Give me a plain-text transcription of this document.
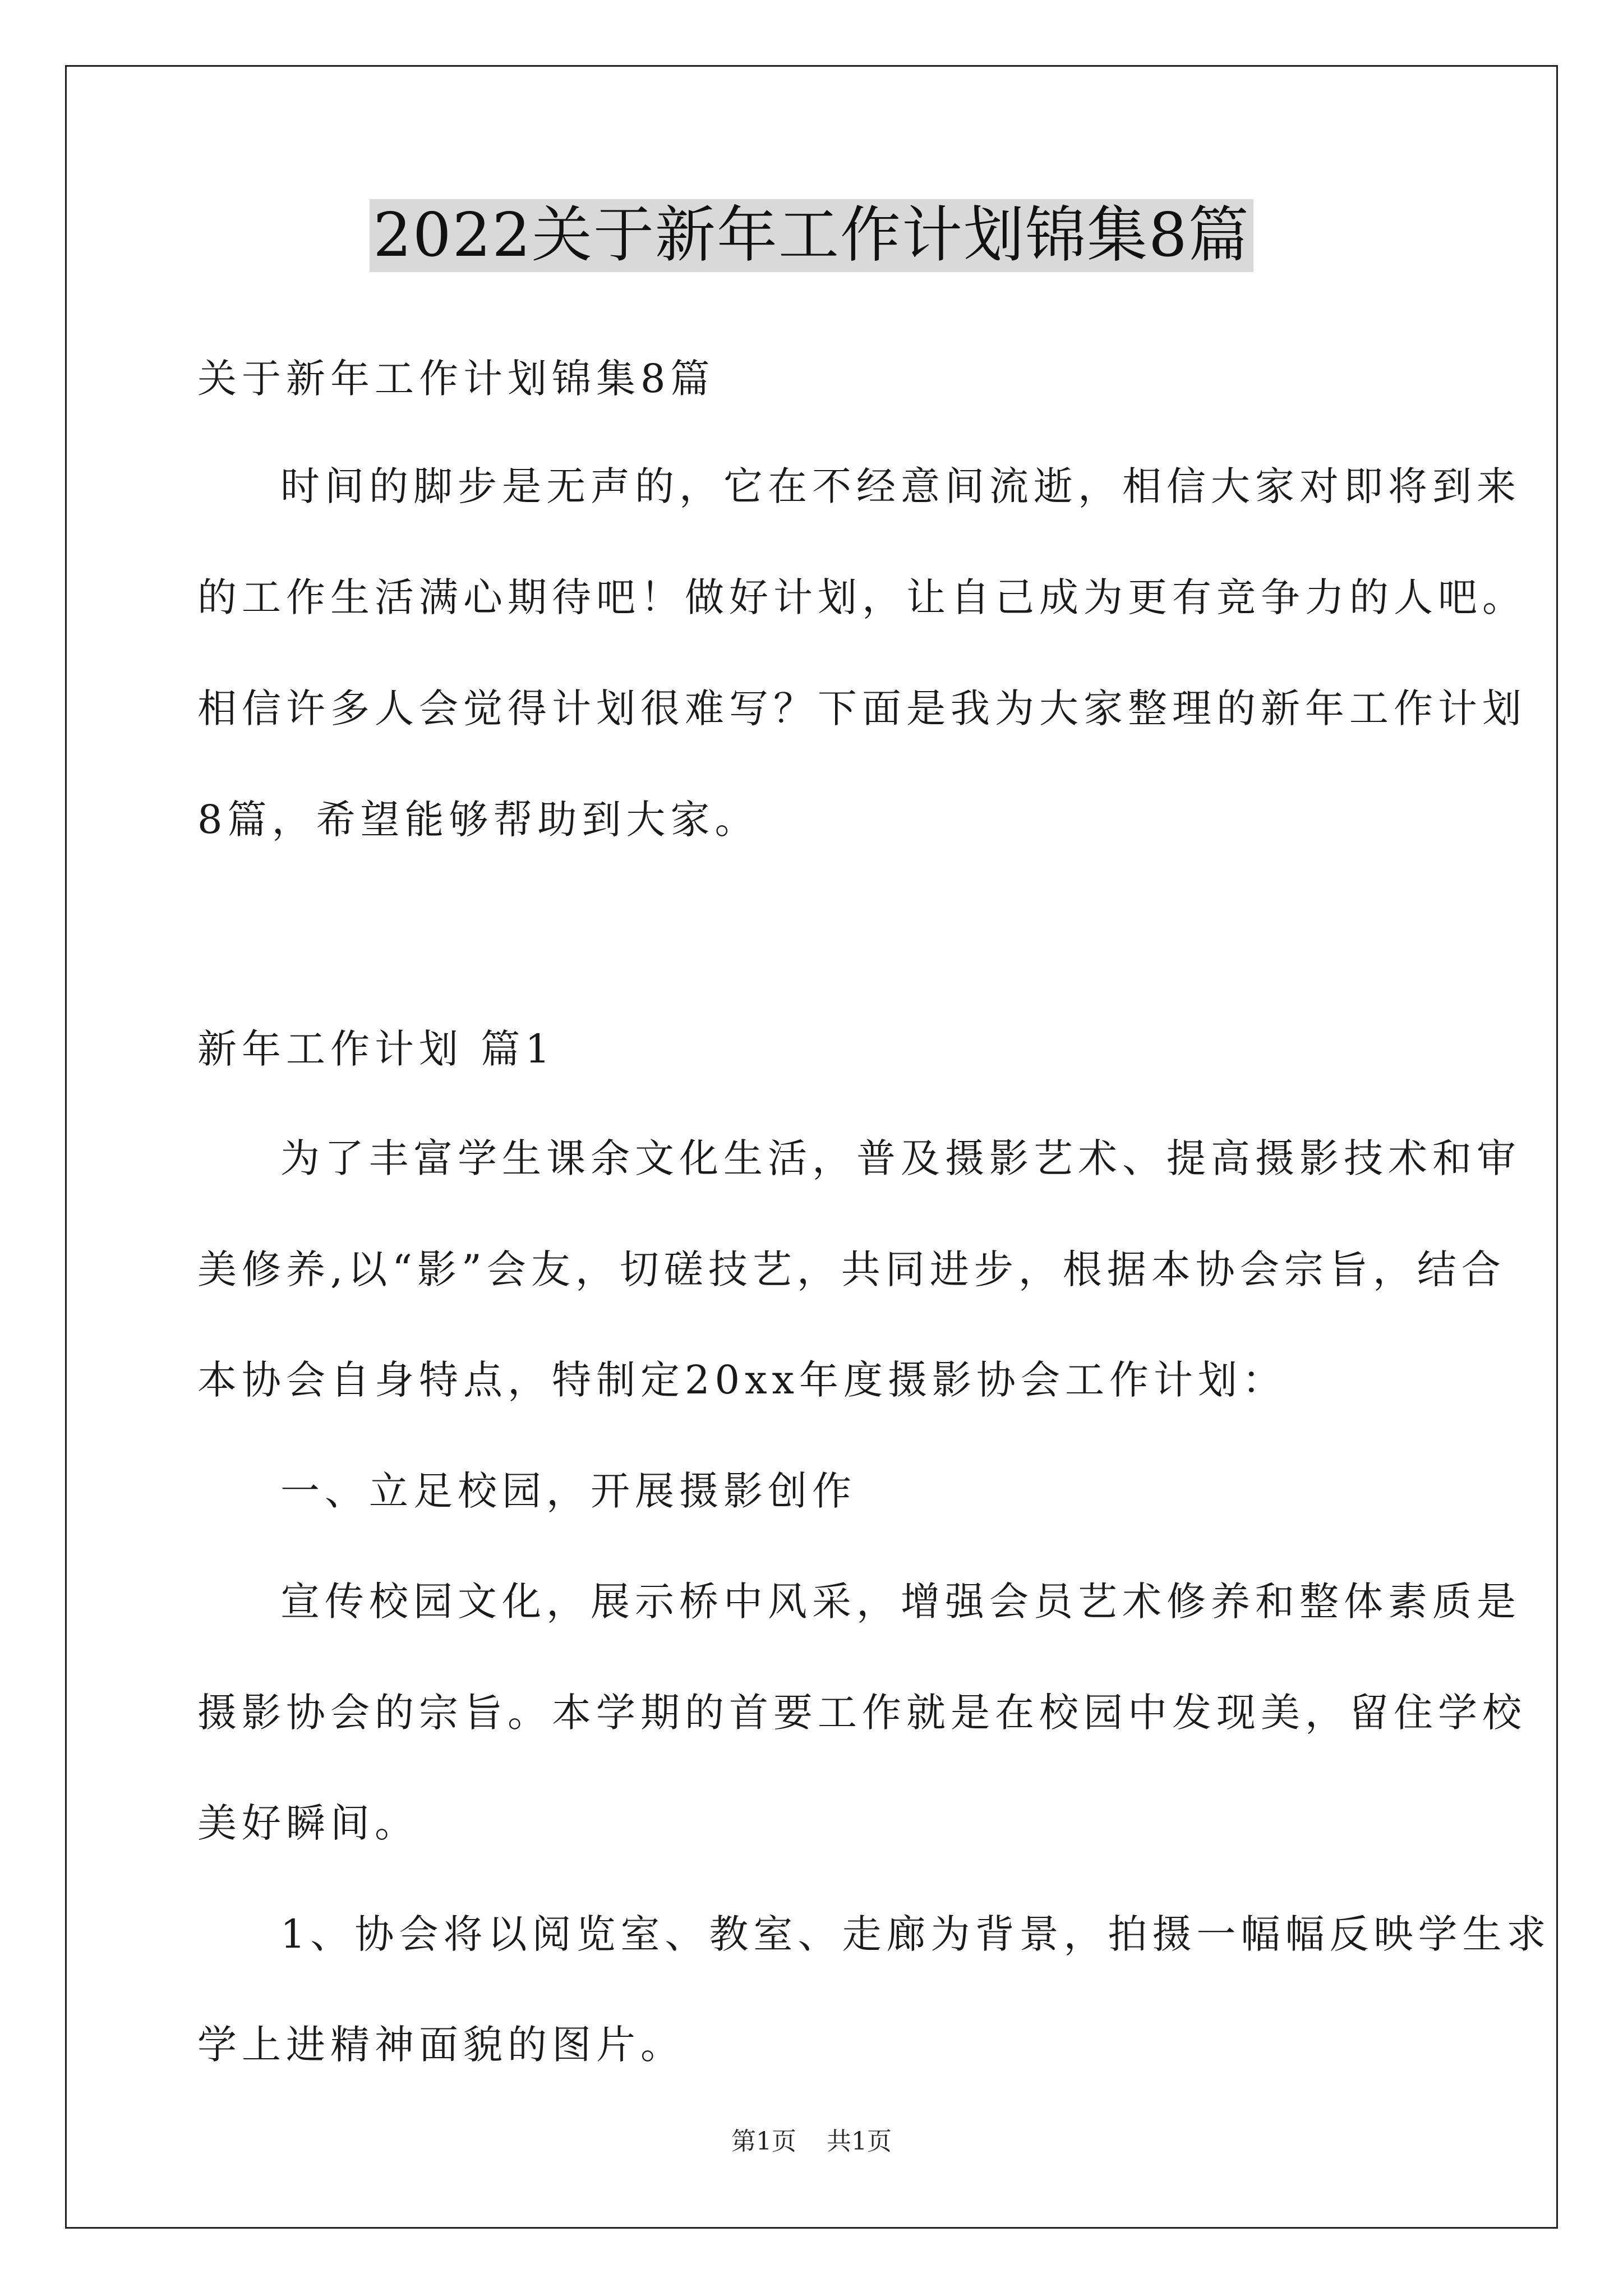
2022关于新年工作计划锦集8篇
关于新年工作计划锦集8篇
时间的脚步是无声的，它在不经意间流逝，相信大家对即将到来
的工作生活满心期待吧！做好计划，让自己成为更有竞争力的人吧。
相信许多人会觉得计划很难写？下面是我为大家整理的新年工作计划
8篇，希望能够帮助到大家。
新年工作计划 篇1
为了丰富学生课余文化生活，普及摄影艺术、提高摄影技术和审
美修养,以“影”会友，切磋技艺，共同进步，根据本协会宗旨，结合
本协会自身特点，特制定20xx年度摄影协会工作计划：
一、立足校园，开展摄影创作
宣传校园文化，展示桥中风采，增强会员艺术修养和整体素质是
摄影协会的宗旨。本学期的首要工作就是在校园中发现美，留住学校
美好瞬间。
1、协会将以阅览室、教室、走廊为背景，拍摄一幅幅反映学生求
学上进精神面貌的图片。
第1页 共1页
